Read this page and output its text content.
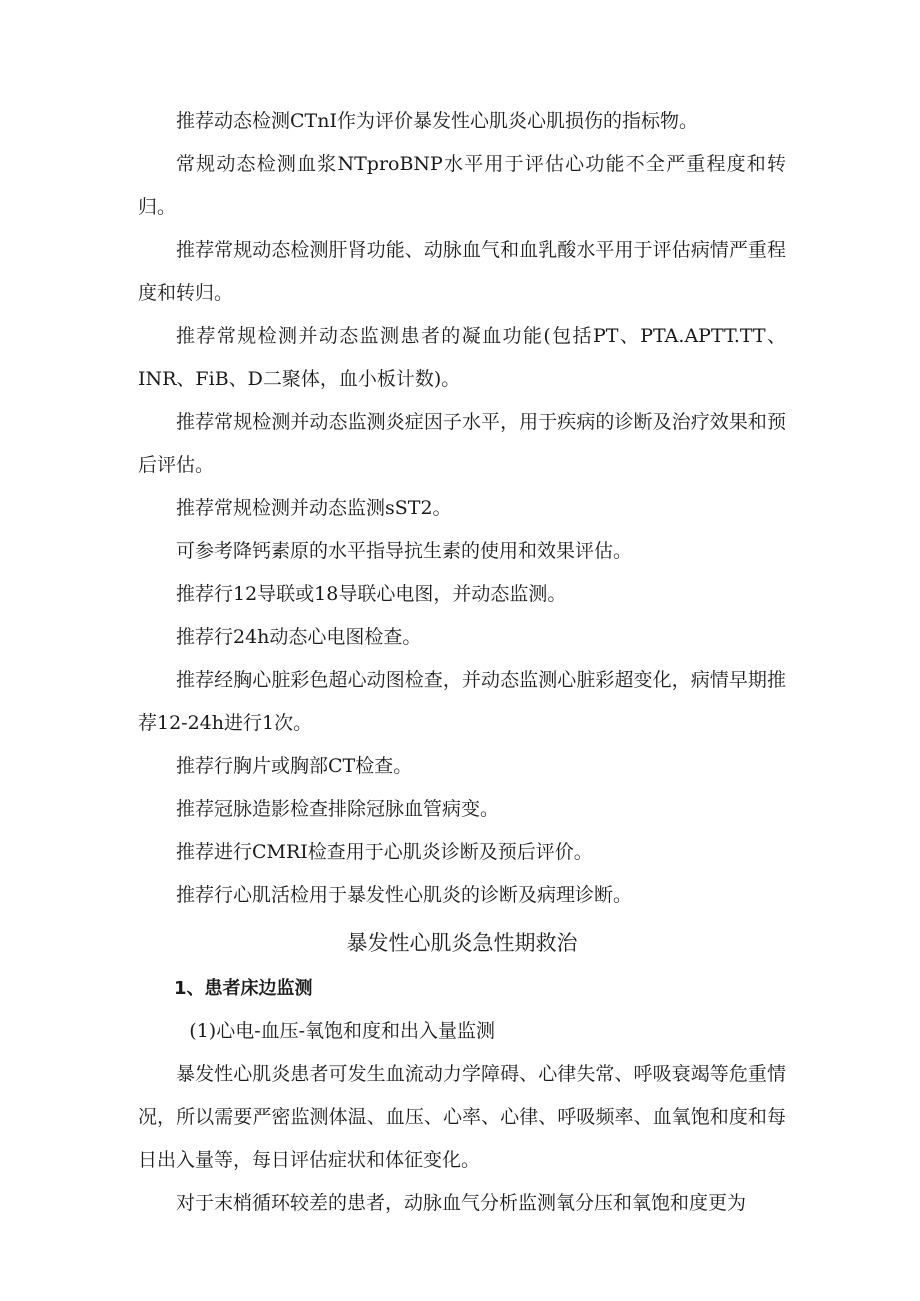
推荐动态检测CTnI作为评价暴发性心肌炎心肌损伤的指标物。

常规动态检测血浆NTproBNP水平用于评估心功能不全严重程度和转归。

推荐常规动态检测肝肾功能、动脉血气和血乳酸水平用于评估病情严重程度和转归。

推荐常规检测并动态监测患者的凝血功能(包括PT、PTA.APTT.TT、INR、FiB、D二聚体，血小板计数)。

推荐常规检测并动态监测炎症因子水平，用于疾病的诊断及治疗效果和预后评估。

推荐常规检测并动态监测sST2。

可参考降钙素原的水平指导抗生素的使用和效果评估。

推荐行12导联或18导联心电图，并动态监测。

推荐行24h动态心电图检查。

推荐经胸心脏彩色超心动图检查，并动态监测心脏彩超变化，病情早期推荐12-24h进行1次。

推荐行胸片或胸部CT检查。

推荐冠脉造影检查排除冠脉血管病变。

推荐进行CMRI检查用于心肌炎诊断及预后评价。

推荐行心肌活检用于暴发性心肌炎的诊断及病理诊断。

暴发性心肌炎急性期救治

1、患者床边监测

(1)心电-血压-氧饱和度和出入量监测

暴发性心肌炎患者可发生血流动力学障碍、心律失常、呼吸衰竭等危重情况，所以需要严密监测体温、血压、心率、心律、呼吸频率、血氧饱和度和每日出入量等，每日评估症状和体征变化。

对于末梢循环较差的患者，动脉血气分析监测氧分压和氧饱和度更为
